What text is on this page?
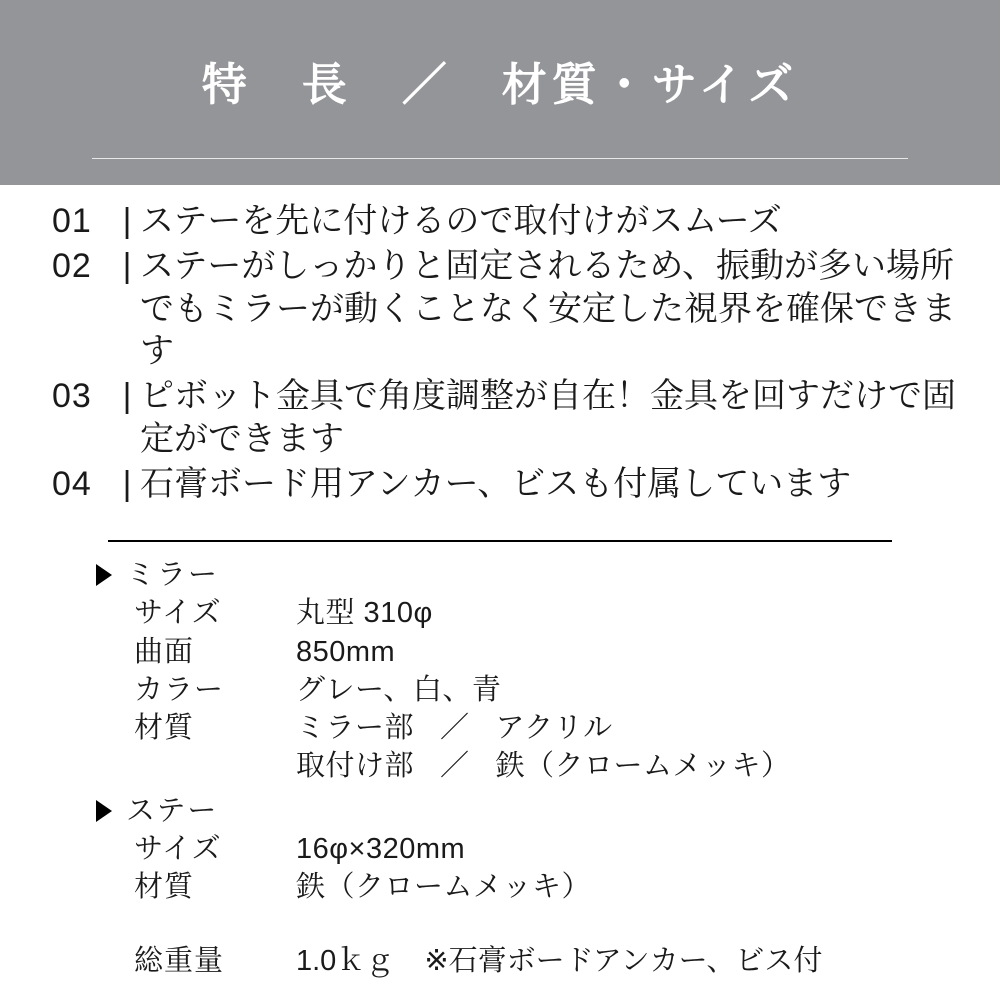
特　長　／　材質・サイズ
01 | ステーを先に付けるので取付けがスムーズ
02 | ステーがしっかりと固定されるため、振動が多い場所でもミラーが動くことなく安定した視界を確保できます
03 | ピボット金具で角度調整が自在！金具を回すだけで固定ができます
04 | 石膏ボード用アンカー、ビスも付属しています
ミラー
サイズ	丸型 310φ
曲面	850mm
カラー	グレー、白、青
材質	ミラー部 ／ アクリル
取付け部 ／ 鉄（クロームメッキ）
ステー
サイズ	16φ×320mm
材質	鉄（クロームメッキ）
総重量	1.0ｋｇ ※石膏ボードアンカー、ビス付
